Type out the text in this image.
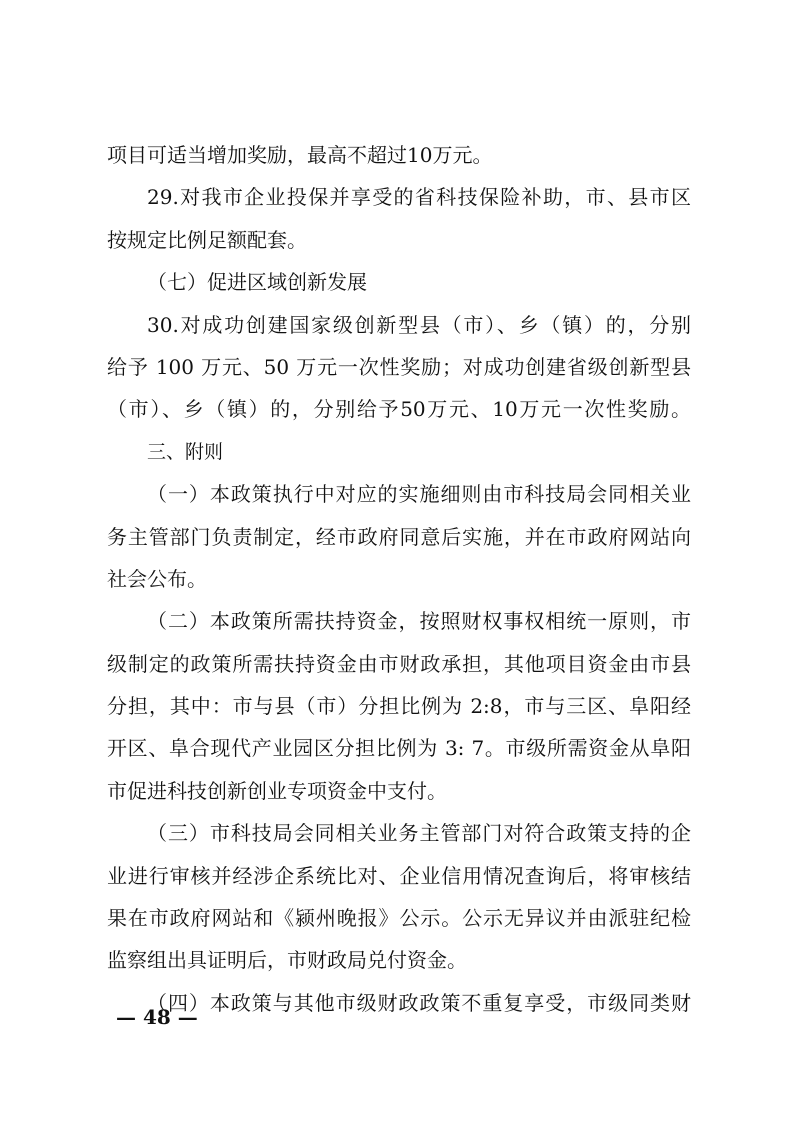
项目可适当增加奖励，最高不超过10万元。
29.对我市企业投保并享受的省科技保险补助，市、县市区
按规定比例足额配套。
（七）促进区域创新发展
30.对成功创建国家级创新型县（市）、乡（镇）的，分别
给予 100 万元、50 万元一次性奖励；对成功创建省级创新型县
（市）、乡（镇）的，分别给予50万元、10万元一次性奖励。
三、附则
（一）本政策执行中对应的实施细则由市科技局会同相关业
务主管部门负责制定，经市政府同意后实施，并在市政府网站向
社会公布。
（二）本政策所需扶持资金，按照财权事权相统一原则，市
级制定的政策所需扶持资金由市财政承担，其他项目资金由市县
分担，其中：市与县（市）分担比例为 2:8，市与三区、阜阳经
开区、阜合现代产业园区分担比例为 3: 7。市级所需资金从阜阳
市促进科技创新创业专项资金中支付。
（三）市科技局会同相关业务主管部门对符合政策支持的企
业进行审核并经涉企系统比对、企业信用情况查询后，将审核结
果在市政府网站和《颍州晚报》公示。公示无异议并由派驻纪检
监察组出具证明后，市财政局兑付资金。
（四）本政策与其他市级财政政策不重复享受，市级同类财
— 48 —
